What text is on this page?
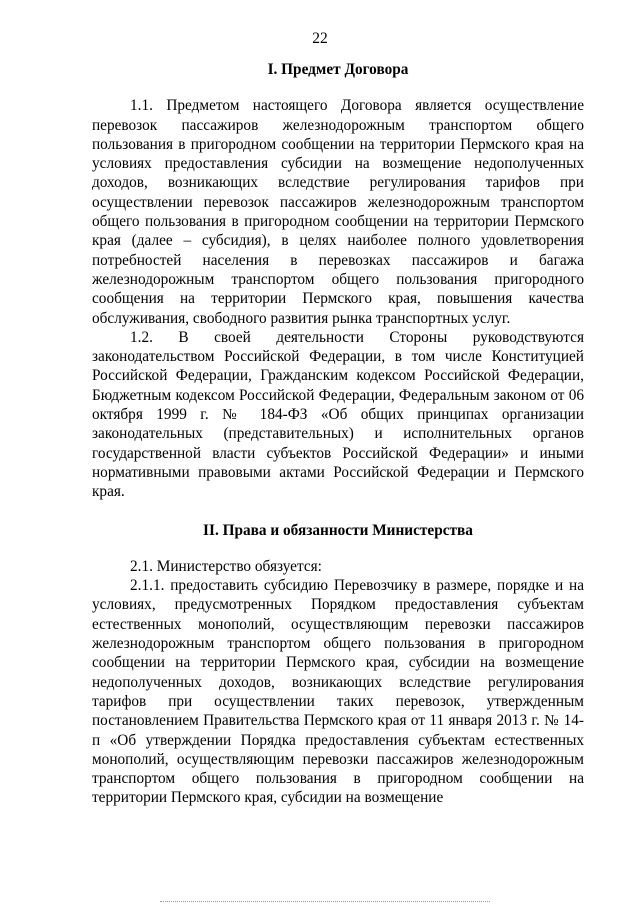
22
I. Предмет Договора

1.1. Предметом настоящего Договора является осуществление перевозок пассажиров железнодорожным транспортом общего пользования в пригородном сообщении на территории Пермского края на условиях предоставления субсидии на возмещение недополученных доходов, возникающих вследствие регулирования тарифов при осуществлении перевозок пассажиров железнодорожным транспортом общего пользования в пригородном сообщении на территории Пермского края (далее – субсидия), в целях наиболее полного удовлетворения потребностей населения в перевозках пассажиров и багажа железнодорожным транспортом общего пользования пригородного сообщения на территории Пермского края, повышения качества обслуживания, свободного развития рынка транспортных услуг.

1.2. В своей деятельности Стороны руководствуются законодательством Российской Федерации, в том числе Конституцией Российской Федерации, Гражданским кодексом Российской Федерации, Бюджетным кодексом Российской Федерации, Федеральным законом от 06 октября 1999 г. № 184-ФЗ «Об общих принципах организации законодательных (представительных) и исполнительных органов государственной власти субъектов Российской Федерации» и иными нормативными правовыми актами Российской Федерации и Пермского края.

II. Права и обязанности Министерства

2.1. Министерство обязуется:

2.1.1. предоставить субсидию Перевозчику в размере, порядке и на условиях, предусмотренных Порядком предоставления субъектам естественных монополий, осуществляющим перевозки пассажиров железнодорожным транспортом общего пользования в пригородном сообщении на территории Пермского края, субсидии на возмещение недополученных доходов, возникающих вследствие регулирования тарифов при осуществлении таких перевозок, утвержденным постановлением Правительства Пермского края от 11 января 2013 г. № 14-п «Об утверждении Порядка предоставления субъектам естественных монополий, осуществляющим перевозки пассажиров железнодорожным транспортом общего пользования в пригородном сообщении на территории Пермского края, субсидии на возмещение
